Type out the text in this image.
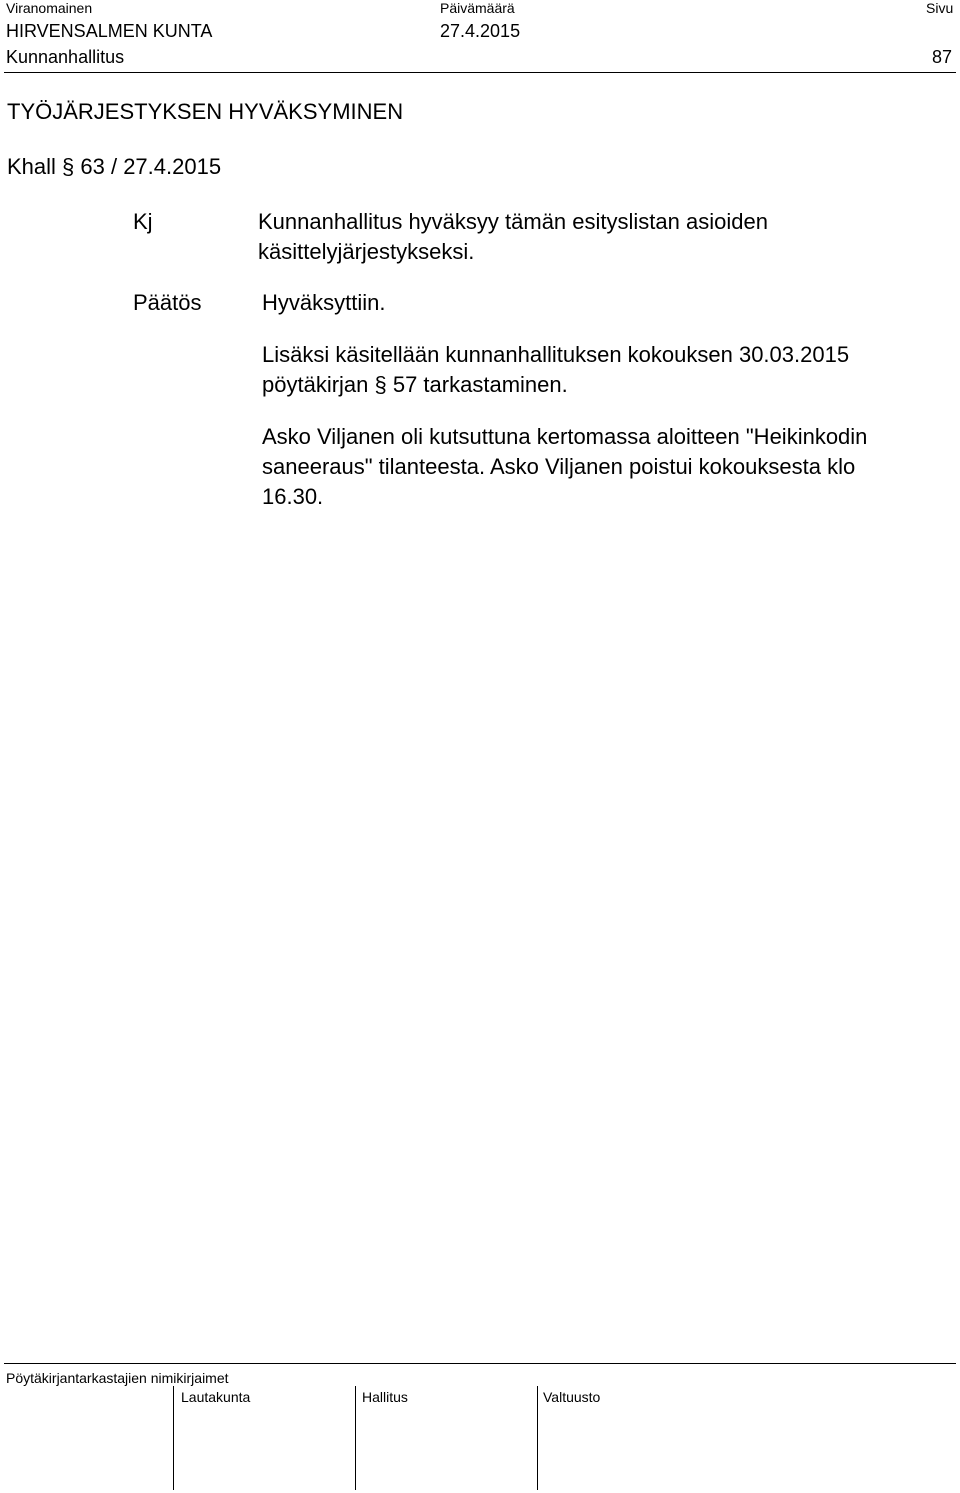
Viranomainen	Päivämäärä	Sivu
HIRVENSALMEN KUNTA	27.4.2015
Kunnanhallitus	87
TYÖJÄRJESTYKSEN HYVÄKSYMINEN
Khall § 63 / 27.4.2015
Kj	Kunnanhallitus hyväksyy tämän esityslistan asioiden käsittelyjärjestykseksi.
Päätös	Hyväksyttiin.
Lisäksi käsitellään kunnanhallituksen kokouksen 30.03.2015 pöytäkirjan § 57 tarkastaminen.
Asko Viljanen oli kutsuttuna kertomassa aloitteen "Heikinkodin saneeraus" tilanteesta. Asko Viljanen poistui kokouksesta klo 16.30.
Pöytäkirjantarkastajien nimikirjaimet
Lautakunta	Hallitus	Valtuusto
